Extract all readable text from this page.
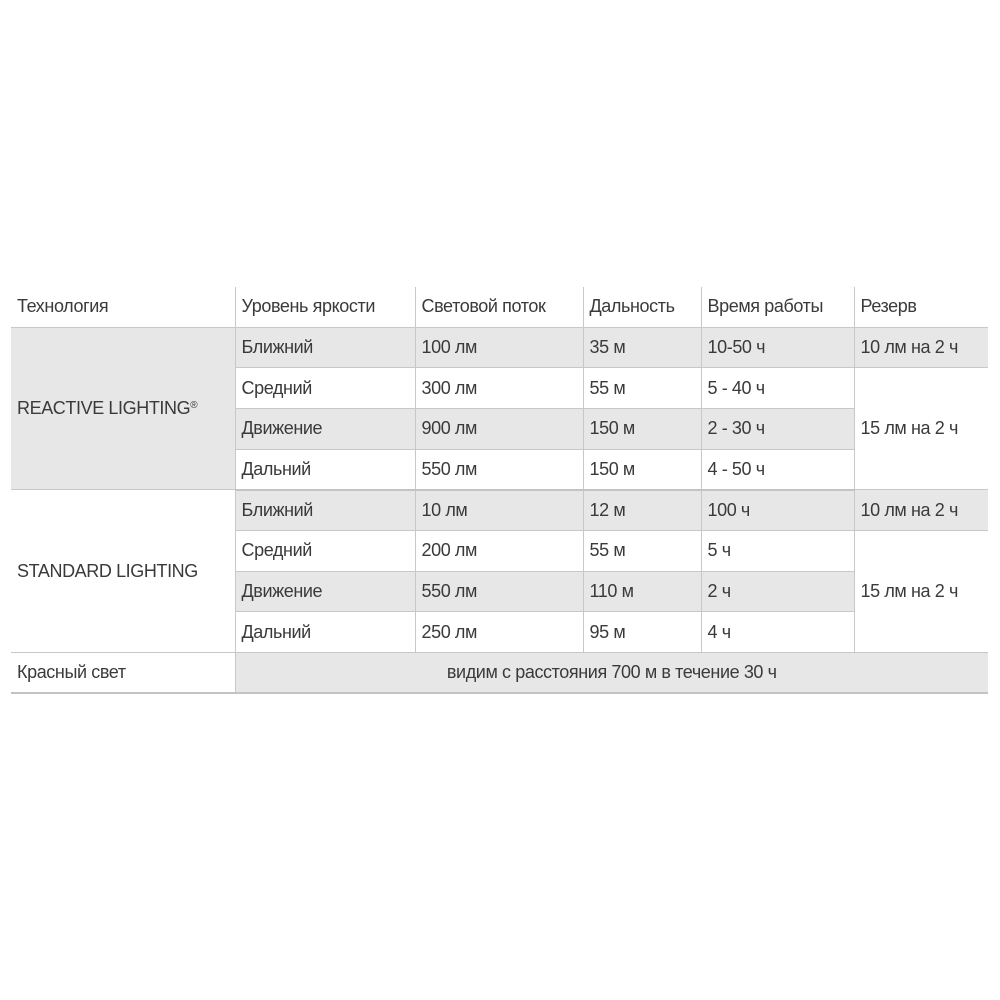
Технология	Уровень яркости	Световой поток	Дальность	Время работы	Резерв
REACTIVE LIGHTING®	Ближний	100 лм	35 м	10-50 ч	10 лм на 2 ч
	Средний	300 лм	55 м	5 - 40 ч	15 лм на 2 ч
	Движение	900 лм	150 м	2 - 30 ч	
	Дальний	550 лм	150 м	4 - 50 ч	
STANDARD LIGHTING	Ближний	10 лм	12 м	100 ч	10 лм на 2 ч
	Средний	200 лм	55 м	5 ч	15 лм на 2 ч
	Движение	550 лм	110 м	2 ч	
	Дальний	250 лм	95 м	4 ч	
Красный свет	видим с расстояния 700 м в течение 30 ч				
